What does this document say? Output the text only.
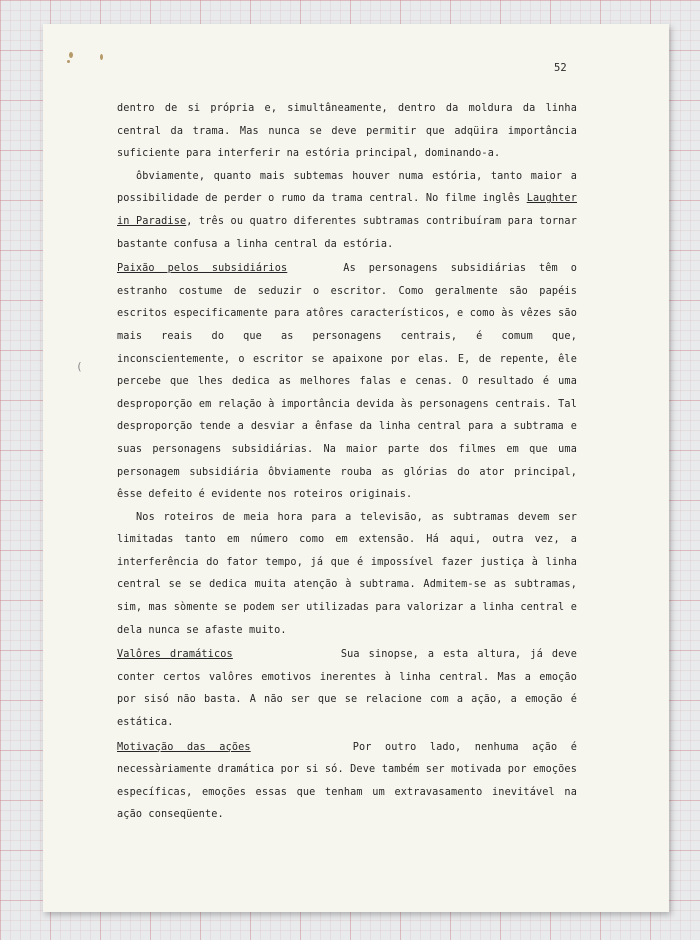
52
(

dentro de si própria e, simultâneamente, dentro da moldura da linha central da trama. Mas nunca se deve permitir que adqüira importância suficiente para interferir na estória principal, dominando-a.

ôbviamente, quanto mais subtemas houver numa estória, tanto maior a possibilidade de perder o rumo da trama central. No filme inglês Laughter in Paradise, três ou quatro diferentes subtramas contribuíram para tornar bastante confusa a linha central da estória.

Paixão pelos subsidiários	As personagens subsidiárias têm o estranho costume de seduzir o escritor. Como geralmente são papéis escritos especificamente para atôres característicos, e como às vêzes são mais reais do que as personagens centrais, é comum que, inconscientemente, o escritor se apaixone por elas. E, de repente, êle percebe que lhes dedica as melhores falas e cenas. O resultado é uma desproporção em relação à importância devida às personagens centrais. Tal desproporção tende a desviar a ênfase da linha central para a subtrama e suas personagens subsidiárias. Na maior parte dos filmes em que uma personagem subsidiária ôbviamente rouba as glórias do ator principal, êsse defeito é evidente nos roteiros originais.

Nos roteiros de meia hora para a televisão, as subtramas devem ser limitadas tanto em número como em extensão. Há aqui, outra vez, a interferência do fator tempo, já que é impossível fazer justiça à linha central se se dedica muita atenção à subtrama. Admitem-se as subtramas, sim, mas sòmente se podem ser utilizadas para valorizar a linha central e dela nunca se afaste muito.

Valôres dramáticos	Sua sinopse, a esta altura, já deve conter certos valôres emotivos inerentes à linha central. Mas a emoção por sisó não basta. A não ser que se relacione com a ação, a emoção é estática.

Motivação das ações	Por outro lado, nenhuma ação é necessàriamente dramática por si só. Deve também ser motivada por emoções específicas, emoções essas que tenham um extravasamento inevitável na ação conseqüente.
